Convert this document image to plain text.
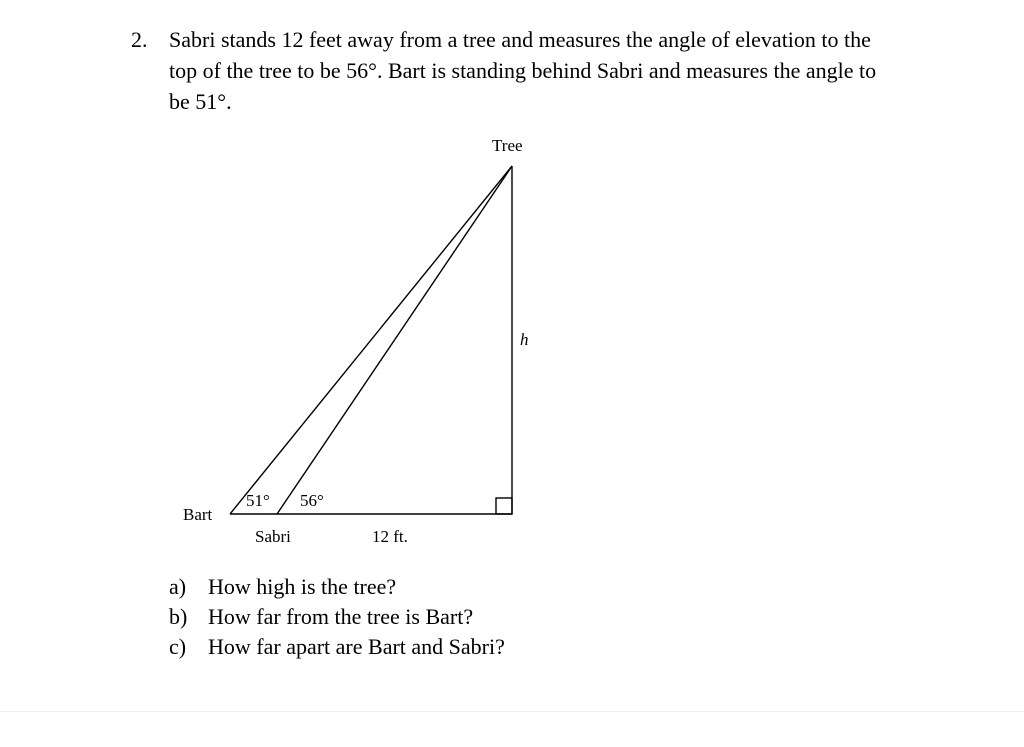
2. Sabri stands 12 feet away from a tree and measures the angle of elevation to the top of the tree to be 56°. Bart is standing behind Sabri and measures the angle to be 51°.
Tree
h
Bart
51° 56°
Sabri	12 ft.
a) How high is the tree?
b) How far from the tree is Bart?
c) How far apart are Bart and Sabri?
